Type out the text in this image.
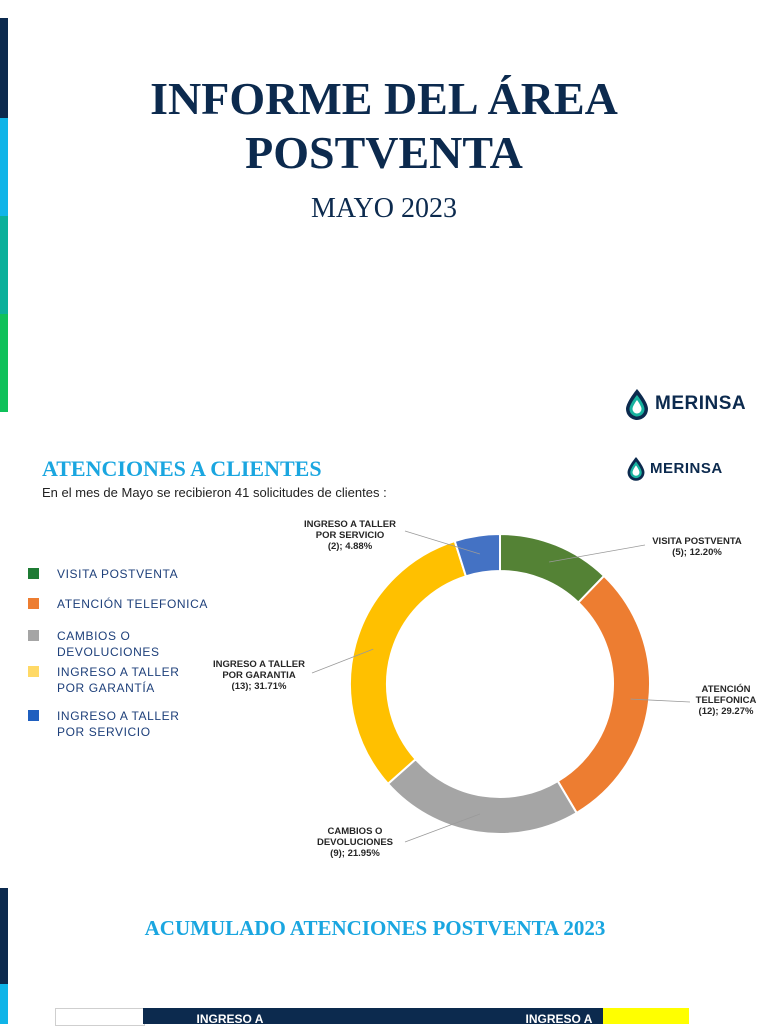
INFORME DEL ÁREA
POSTVENTA

MAYO 2023

MERINSA
ATENCIONES A CLIENTES

En el mes de Mayo se recibieron 41 solicitudes de clientes :

MERINSA
VISITA POSTVENTA
ATENCIÓN TELEFONICA
CAMBIOS O
DEVOLUCIONES
INGRESO A TALLER
POR GARANTÍA
INGRESO A TALLER
POR SERVICIO
VISITA POSTVENTA (5); 12.20%
ATENCIÓN TELEFONICA (12); 29.27%
CAMBIOS O DEVOLUCIONES (9); 21.95%
INGRESO A TALLER POR GARANTIA (13); 31.71%
INGRESO A TALLER POR SERVICIO (2); 4.88%
ACUMULADO ATENCIONES POSTVENTA 2023
INGRESO A	INGRESO A
